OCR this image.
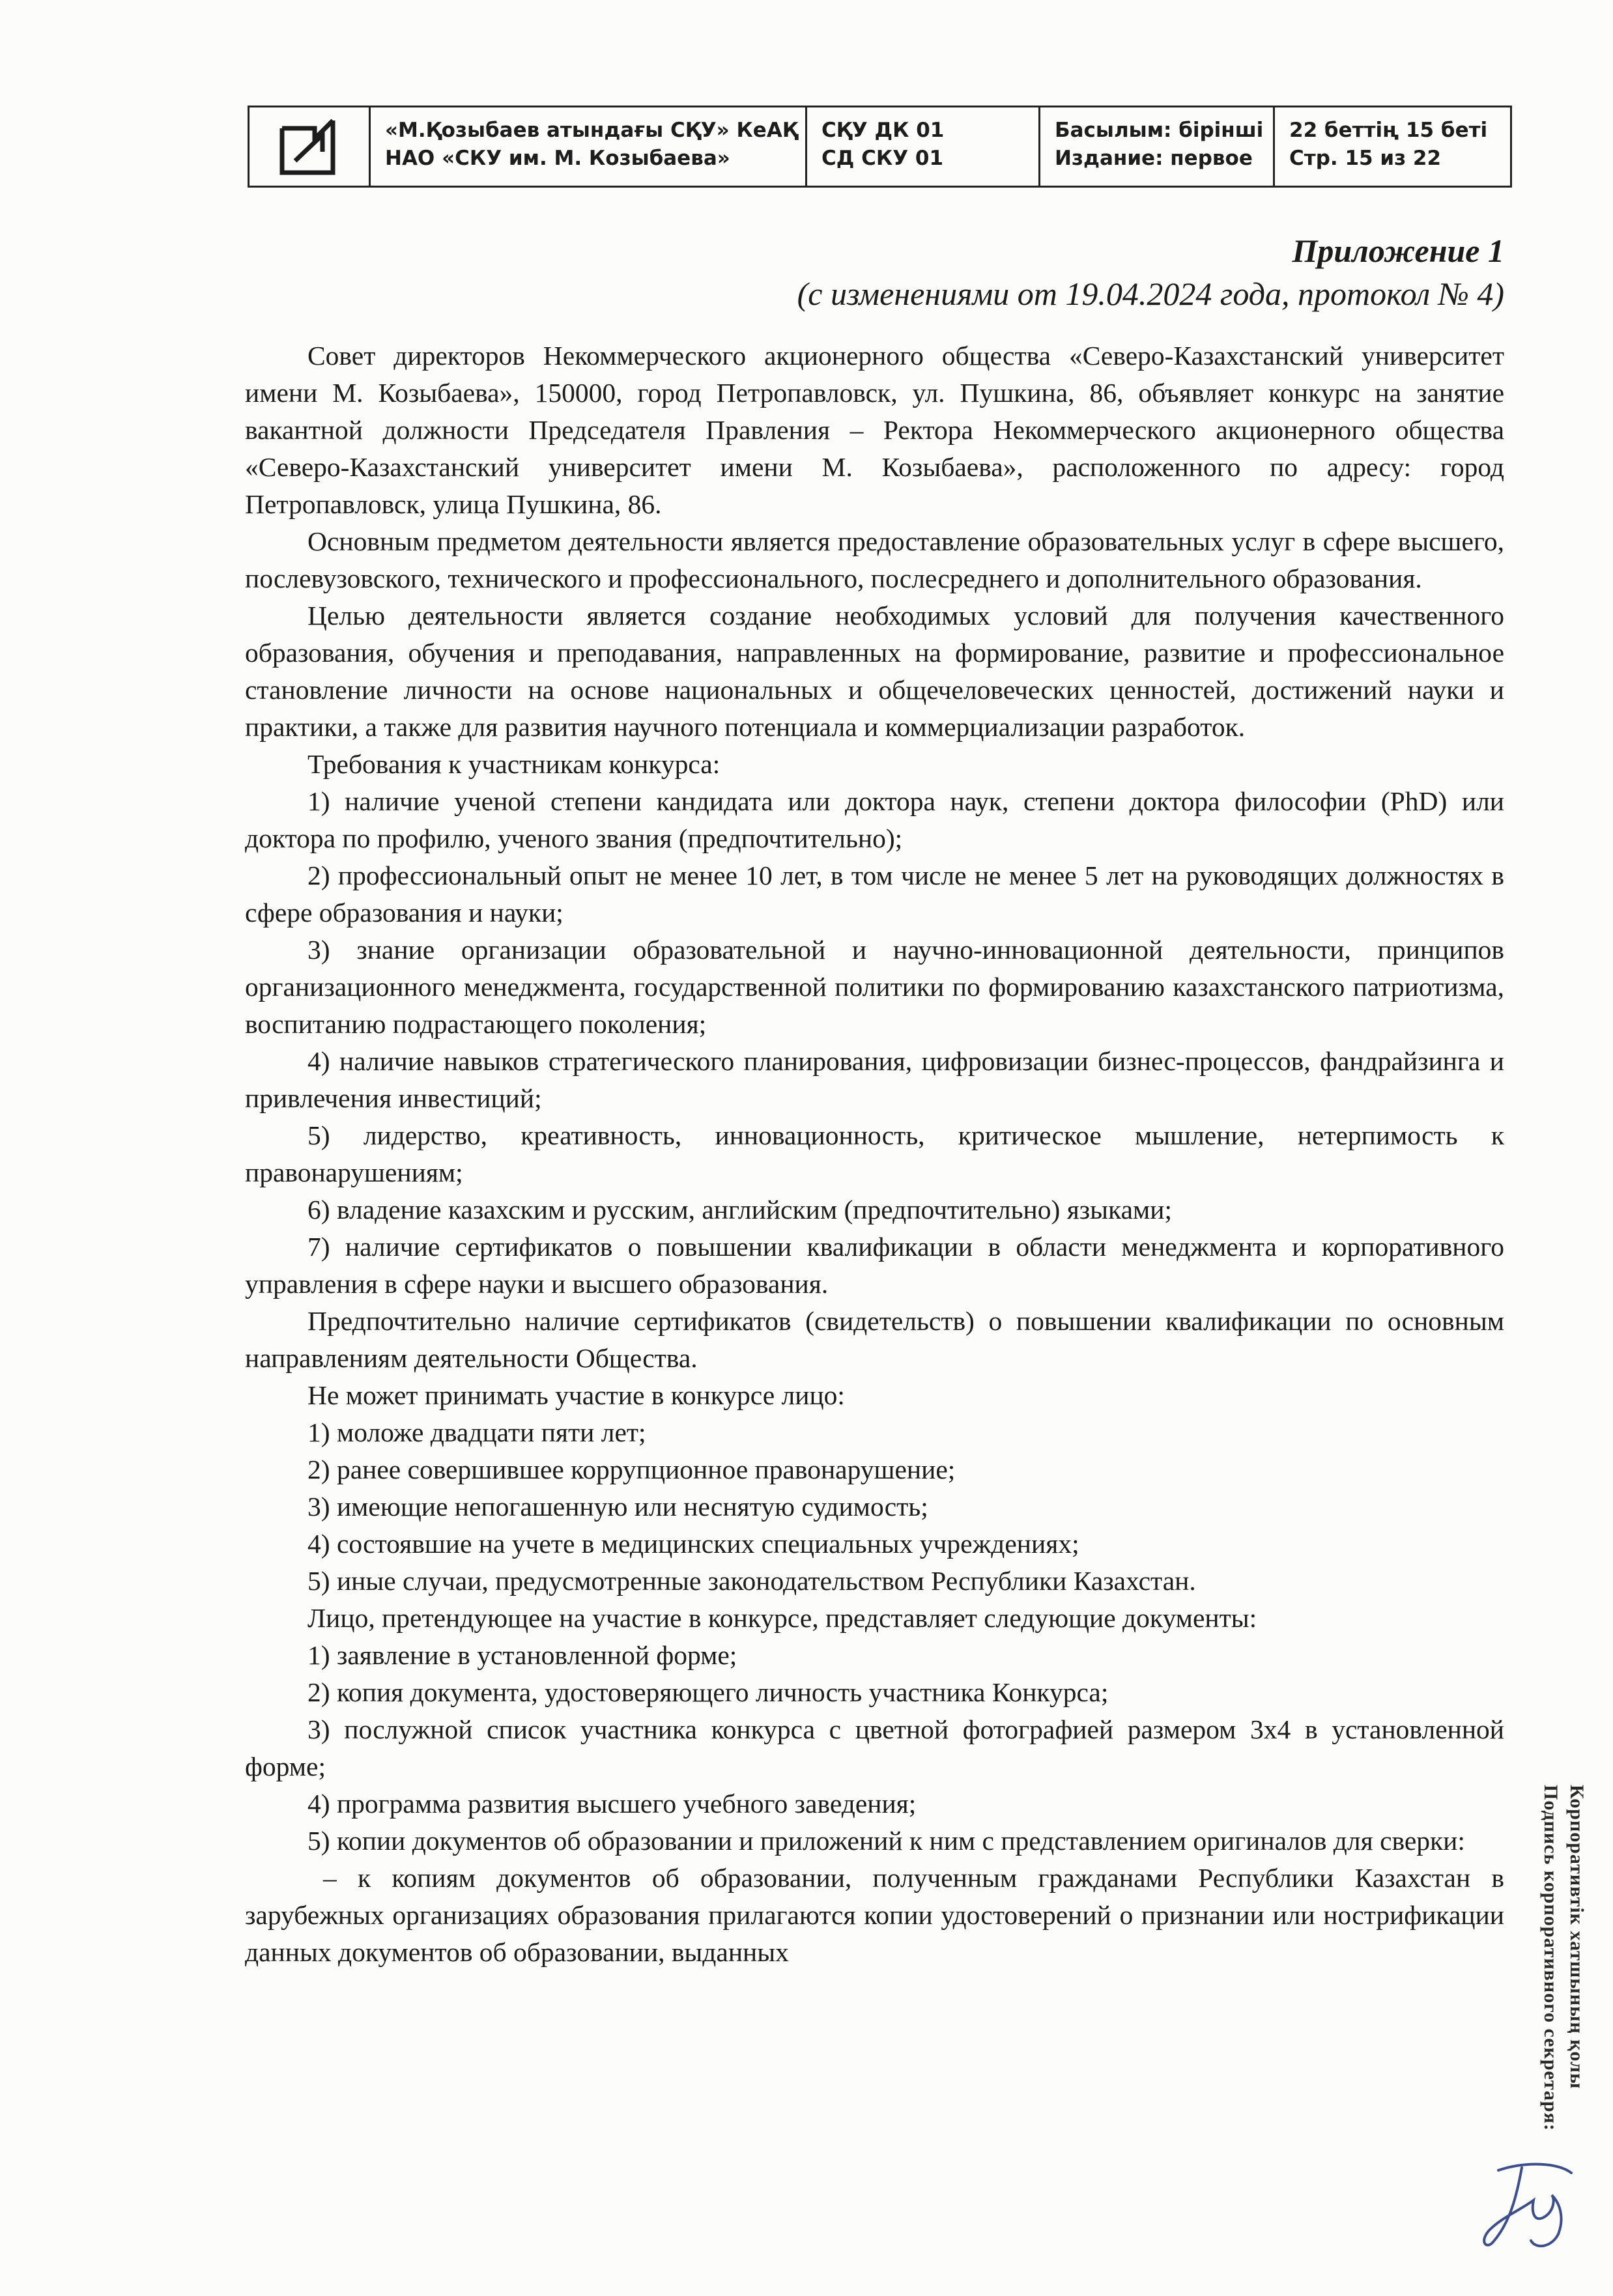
«М.Қозыбаев атындағы СҚУ» КеАҚ
НАО «СКУ им. М. Козыбаева»
СҚУ ДК 01
СД СКУ 01
Басылым: бірінші
Издание: первое
22 беттің 15 беті
Стр. 15 из 22
Приложение 1
(с изменениями от 19.04.2024 года, протокол № 4)

Совет директоров Некоммерческого акционерного общества «Северо-Казахстанский университет имени М. Козыбаева», 150000, город Петропавловск, ул. Пушкина, 86, объявляет конкурс на занятие вакантной должности Председателя Правления – Ректора Некоммерческого акционерного общества «Северо-Казахстанский университет имени М. Козыбаева», расположенного по адресу: город Петропавловск, улица Пушкина, 86.

Основным предметом деятельности является предоставление образовательных услуг в сфере высшего, послевузовского, технического и профессионального, послесреднего и дополнительного образования.

Целью деятельности является создание необходимых условий для получения качественного образования, обучения и преподавания, направленных на формирование, развитие и профессиональное становление личности на основе национальных и общечеловеческих ценностей, достижений науки и практики, а также для развития научного потенциала и коммерциализации разработок.

Требования к участникам конкурса:

1) наличие ученой степени кандидата или доктора наук, степени доктора философии (PhD) или доктора по профилю, ученого звания (предпочтительно);

2) профессиональный опыт не менее 10 лет, в том числе не менее 5 лет на руководящих должностях в сфере образования и науки;

3) знание организации образовательной и научно-инновационной деятельности, принципов организационного менеджмента, государственной политики по формированию казахстанского патриотизма, воспитанию подрастающего поколения;

4) наличие навыков стратегического планирования, цифровизации бизнес-процессов, фандрайзинга и привлечения инвестиций;

5) лидерство, креативность, инновационность, критическое мышление, нетерпимость к правонарушениям;

6) владение казахским и русским, английским (предпочтительно) языками;

7) наличие сертификатов о повышении квалификации в области менеджмента и корпоративного управления в сфере науки и высшего образования.

Предпочтительно наличие сертификатов (свидетельств) о повышении квалификации по основным направлениям деятельности Общества.

Не может принимать участие в конкурсе лицо:

1) моложе двадцати пяти лет;

2) ранее совершившее коррупционное правонарушение;

3) имеющие непогашенную или неснятую судимость;

4) состоявшие на учете в медицинских специальных учреждениях;

5) иные случаи, предусмотренные законодательством Республики Казахстан.

Лицо, претендующее на участие в конкурсе, представляет следующие документы:

1) заявление в установленной форме;

2) копия документа, удостоверяющего личность участника Конкурса;

3) послужной список участника конкурса с цветной фотографией размером 3х4 в установленной форме;

4) программа развития высшего учебного заведения;

5) копии документов об образовании и приложений к ним с представлением оригиналов для сверки:

– к копиям документов об образовании, полученным гражданами Республики Казахстан в зарубежных организациях образования прилагаются копии удостоверений о признании или нострификации данных документов об образовании, выданных	Корпоративтік хатшының қолы
Подпись корпоративного секретаря:
